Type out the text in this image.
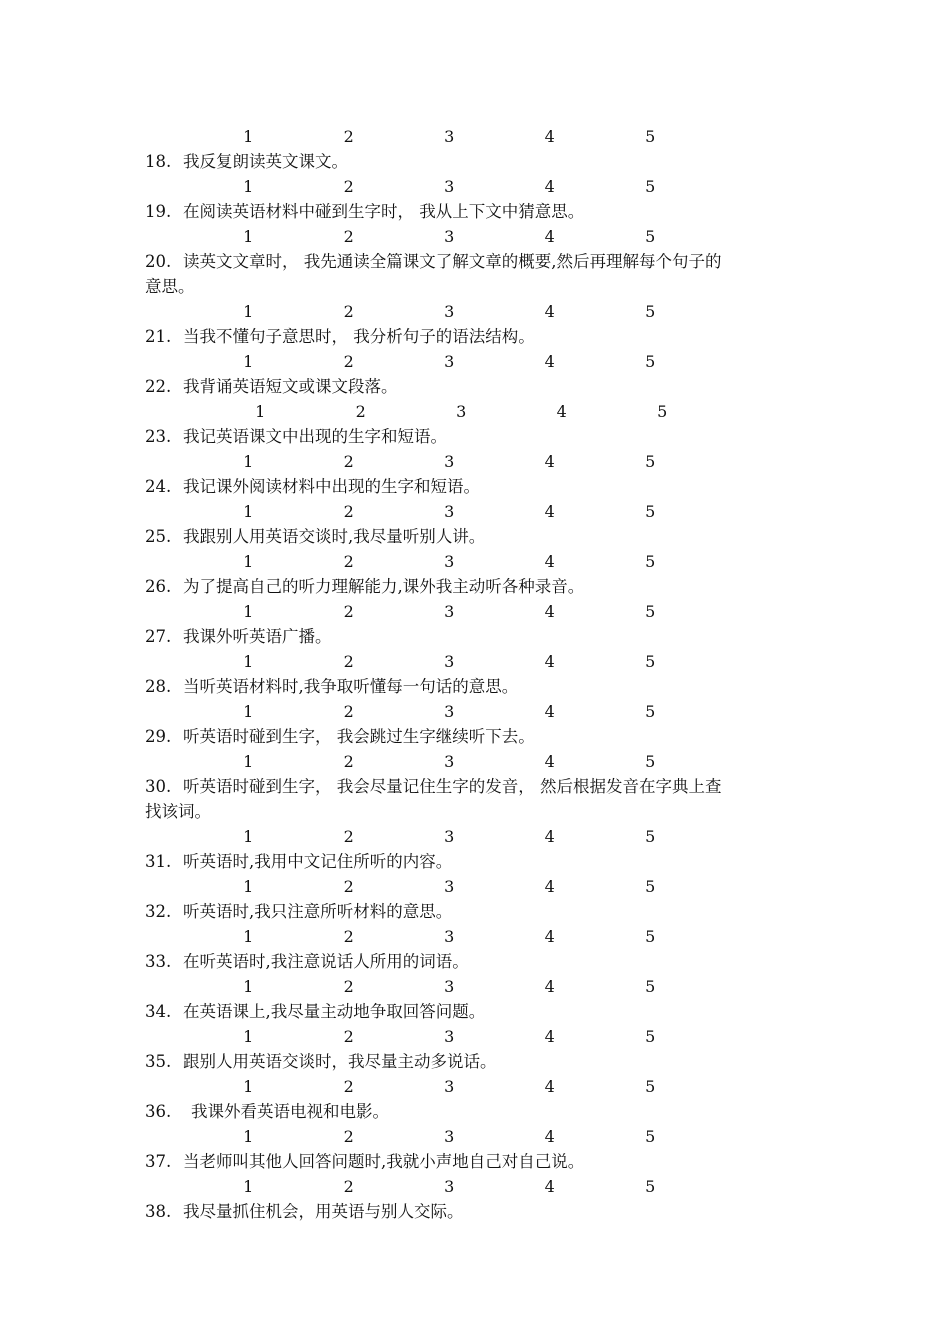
1	2	3	4	5
18. 我反复朗读英文课文。
1	2	3	4	5
19. 在阅读英语材料中碰到生字时， 我从上下文中猜意思。
1	2	3	4	5
20. 读英文文章时， 我先通读全篇课文了解文章的概要,然后再理解每个句子的
意思。
1	2	3	4	5
21. 当我不懂句子意思时， 我分析句子的语法结构。
1	2	3	4	5
22. 我背诵英语短文或课文段落。
1	2	3	4	5
23. 我记英语课文中出现的生字和短语。
1	2	3	4	5
24. 我记课外阅读材料中出现的生字和短语。
1	2	3	4	5
25. 我跟别人用英语交谈时,我尽量听别人讲。
1	2	3	4	5
26. 为了提高自己的听力理解能力,课外我主动听各种录音。
1	2	3	4	5
27. 我课外听英语广播。
1	2	3	4	5
28. 当听英语材料时,我争取听懂每一句话的意思。
1	2	3	4	5
29. 听英语时碰到生字， 我会跳过生字继续听下去。
1	2	3	4	5
30. 听英语时碰到生字， 我会尽量记住生字的发音， 然后根据发音在字典上查
找该词。
1	2	3	4	5
31. 听英语时,我用中文记住所听的内容。
1	2	3	4	5
32. 听英语时,我只注意所听材料的意思。
1	2	3	4	5
33. 在听英语时,我注意说话人所用的词语。
1	2	3	4	5
34. 在英语课上,我尽量主动地争取回答问题。
1	2	3	4	5
35. 跟别人用英语交谈时，我尽量主动多说话。
1	2	3	4	5
36. 我课外看英语电视和电影。
1	2	3	4	5
37. 当老师叫其他人回答问题时,我就小声地自己对自己说。
1	2	3	4	5
38. 我尽量抓住机会，用英语与别人交际。
